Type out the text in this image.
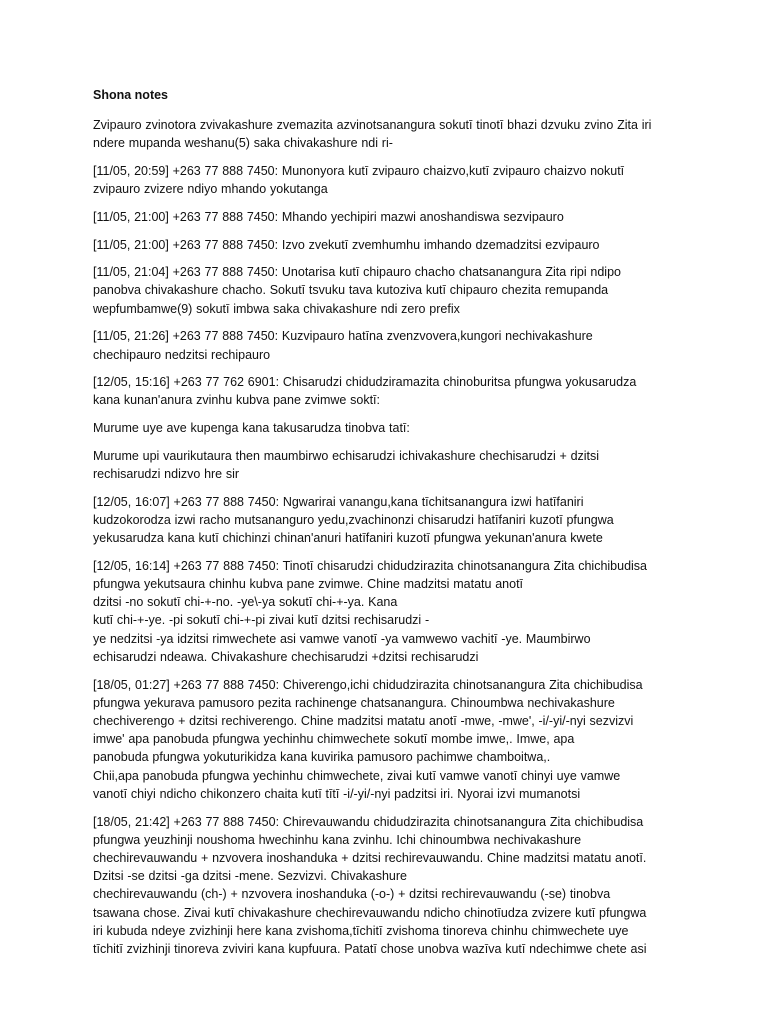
Shona notes
Zvipauro zvinotora zvivakashure zvemazita azvinotsanangura sokutī tinotī bhazi dzvuku zvino Zita iri
ndere mupanda weshanu(5) saka chivakashure ndi ri-
[11/05, 20:59] +263 77 888 7450: Munonyora kutī zvipauro chaizvo,kutī zvipauro chaizvo nokutī
zvipauro zvizere ndiyo mhando yokutanga
[11/05, 21:00] +263 77 888 7450: Mhando yechipiri mazwi anoshandiswa sezvipauro
[11/05, 21:00] +263 77 888 7450: Izvo zvekutī zvemhumhu imhando dzemadzitsi ezvipauro
[11/05, 21:04] +263 77 888 7450: Unotarisa kutī chipauro chacho chatsanangura Zita ripi ndipo
panobva chivakashure chacho. Sokutī tsvuku tava kutoziva kutī chipauro chezita remupanda
wepfumbamwe(9) sokutī imbwa saka chivakashure ndi zero prefix
[11/05, 21:26] +263 77 888 7450: Kuzvipauro hatīna zvenzvovera,kungori nechivakashure
chechipauro nedzitsi rechipauro
[12/05, 15:16] +263 77 762 6901: Chisarudzi chidudziramazita chinoburitsa pfungwa yokusarudza
kana kunan'anura zvinhu kubva pane zvimwe soktī:
Murume uye ave kupenga kana takusarudza tinobva tatī:
Murume upi vaurikutaura then maumbirwo echisarudzi ichivakashure chechisarudzi + dzitsi
rechisarudzi ndizvo hre sir
[12/05, 16:07] +263 77 888 7450: Ngwarirai vanangu,kana tīchitsanangura izwi hatīfaniri
kudzokorodza izwi racho mutsananguro yedu,zvachinonzi chisarudzi hatīfaniri kuzotī pfungwa
yekusarudza kana kutī chichinzi chinan'anuri hatīfaniri kuzotī pfungwa yekunan'anura kwete
[12/05, 16:14] +263 77 888 7450: Tinotī chisarudzi chidudzirazita chinotsanangura Zita chichibudisa
pfungwa yekutsaura chinhu kubva pane zvimwe. Chine madzitsi matatu anotī
dzitsi -no sokutī chi-+-no. -ye\-ya sokutī chi-+-ya. Kana
kutī chi-+-ye. -pi sokutī chi-+-pi zivai kutī dzitsi rechisarudzi -
ye nedzitsi -ya idzitsi rimwechete asi vamwe vanotī -ya vamwewo vachitī -ye. Maumbirwo
echisarudzi ndeawa. Chivakashure chechisarudzi +dzitsi rechisarudzi
[18/05, 01:27] +263 77 888 7450: Chiverengo,ichi chidudzirazita chinotsanangura Zita chichibudisa
pfungwa yekurava pamusoro pezita rachinenge chatsanangura. Chinoumbwa nechivakashure
chechiverengo + dzitsi rechiverengo. Chine madzitsi matatu anotī -mwe, -mwe', -i/-yi/-nyi sezvizvi
imwe' apa panobuda pfungwa yechinhu chimwechete sokutī mombe imwe,. Imwe, apa
panobuda pfungwa yokuturikidza kana kuvirika pamusoro pachimwe chamboitwa,.
Chii,apa panobuda pfungwa yechinhu chimwechete, zivai kutī vamwe vanotī chinyi uye vamwe
vanotī chiyi ndicho chikonzero chaita kutī tītī -i/-yi/-nyi padzitsi iri. Nyorai izvi mumanotsi
[18/05, 21:42] +263 77 888 7450: Chirevauwandu chidudzirazita chinotsanangura Zita chichibudisa
pfungwa yeuzhinji noushoma hwechinhu kana zvinhu. Ichi chinoumbwa nechivakashure
chechirevauwandu + nzvovera inoshanduka + dzitsi rechirevauwandu. Chine madzitsi matatu anotī.
Dzitsi -se dzitsi -ga dzitsi -mene. Sezvizvi. Chivakashure
chechirevauwandu (ch-) + nzvovera inoshanduka (-o-) + dzitsi rechirevauwandu (-se) tinobva
tsawana chose. Zivai kutī chivakashure chechirevauwandu ndicho chinotīudza zvizere kutī pfungwa
iri kubuda ndeye zvizhinji here kana zvishoma,tīchitī zvishoma tinoreva chinhu chimwechete uye
tīchitī zvizhinji tinoreva zviviri kana kupfuura. Patatī chose unobva wazīva kutī ndechimwe chete asi
